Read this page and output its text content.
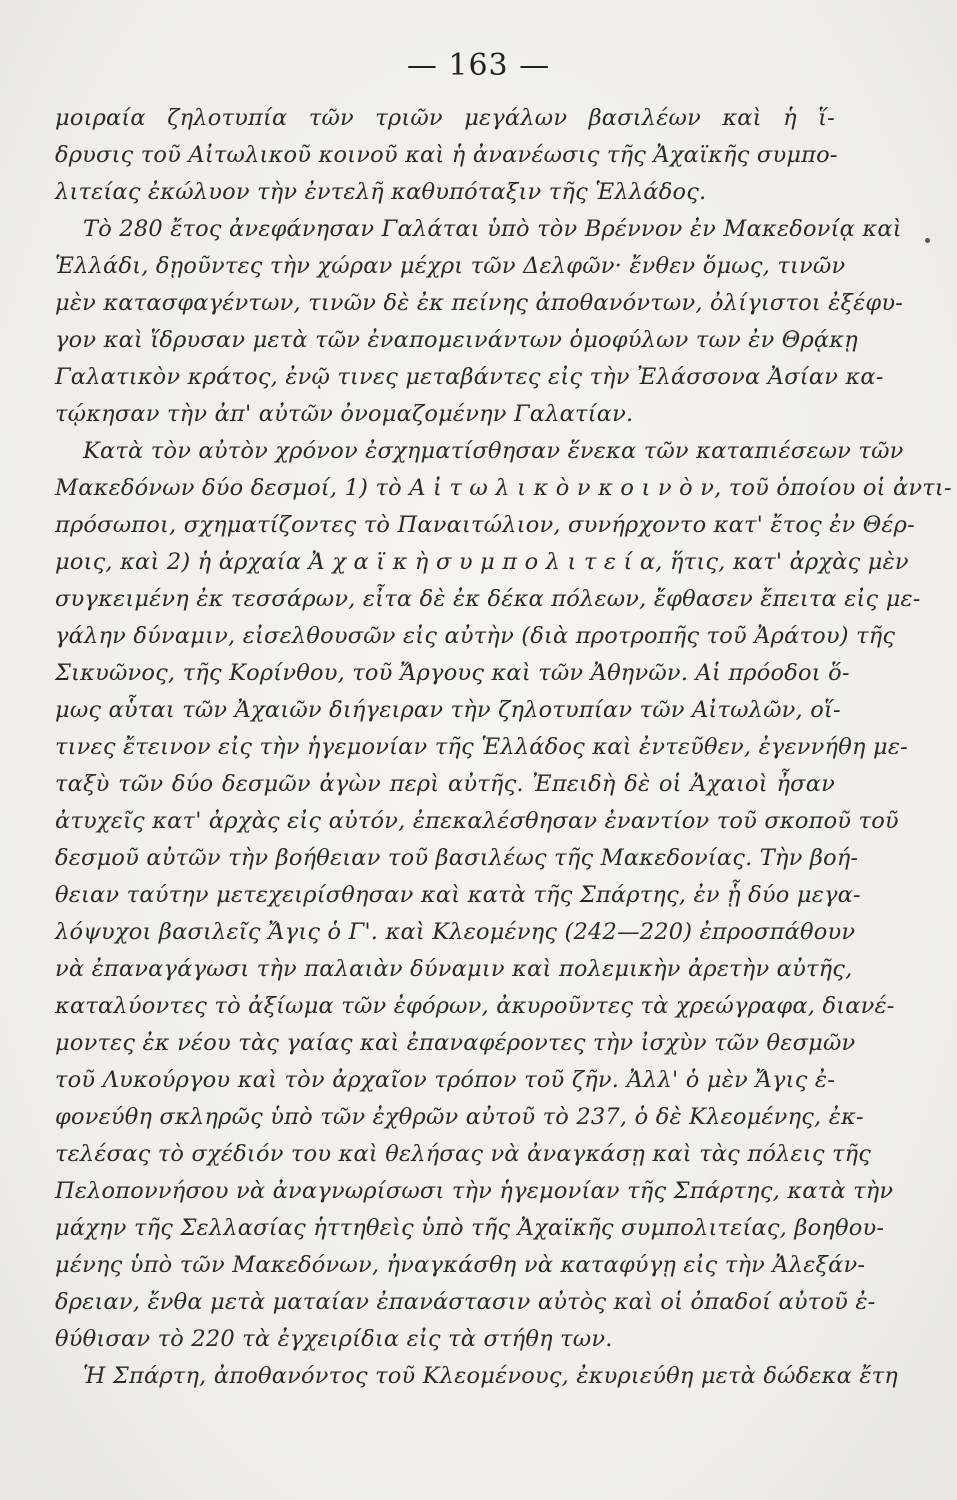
— 163 —
μοιραία ζηλοτυπία τῶν τριῶν μεγάλων βασιλέων καὶ ἡ ἵ-
δρυσις τοῦ Αἰτωλικοῦ κοινοῦ καὶ ἡ ἀνανέωσις τῆς Ἀχαϊκῆς συμπο-
λιτείας ἐκώλυον τὴν ἐντελῆ καθυπόταξιν τῆς Ἑλλάδος.
Τὸ 280 ἔτος ἀνεφάνησαν Γαλάται ὑπὸ τὸν Βρέννον ἐν Μακεδονίᾳ καὶ
Ἑλλάδι, δῃοῦντες τὴν χώραν μέχρι τῶν Δελφῶν· ἔνθεν ὅμως, τινῶν
μὲν κατασφαγέντων, τινῶν δὲ ἐκ πείνης ἀποθανόντων, ὀλίγιστοι ἐξέφυ-
γον καὶ ἵδρυσαν μετὰ τῶν ἐναπομεινάντων ὁμοφύλων των ἐν Θρᾴκῃ
Γαλατικὸν κράτος, ἐνῷ τινες μεταβάντες εἰς τὴν Ἐλάσσονα Ἀσίαν κα-
τῴκησαν τὴν ἀπ' αὐτῶν ὀνομαζομένην Γαλατίαν.
Κατὰ τὸν αὐτὸν χρόνον ἐσχηματίσθησαν ἕνεκα τῶν καταπιέσεων τῶν
Μακεδόνων δύο δεσμοί, 1) τὸ Α ἰ τ ω λ ι κ ὸ ν κ ο ι ν ὸ ν, τοῦ ὁποίου οἱ ἀντι-
πρόσωποι, σχηματίζοντες τὸ Παναιτώλιον, συνήρχοντο κατ' ἔτος ἐν Θέρ-
μοις, καὶ 2) ἡ ἀρχαία Ἀ χ α ϊ κ ὴ σ υ μ π ο λ ι τ ε ί α, ἥτις, κατ' ἀρχὰς μὲν
συγκειμένη ἐκ τεσσάρων, εἶτα δὲ ἐκ δέκα πόλεων, ἔφθασεν ἔπειτα εἰς με-
γάλην δύναμιν, εἰσελθουσῶν εἰς αὐτὴν (διὰ προτροπῆς τοῦ Ἀράτου) τῆς
Σικυῶνος, τῆς Κορίνθου, τοῦ Ἄργους καὶ τῶν Ἀθηνῶν. Αἱ πρόοδοι ὅ-
μως αὗται τῶν Ἀχαιῶν διήγειραν τὴν ζηλοτυπίαν τῶν Αἰτωλῶν, οἵ-
τινες ἔτεινον εἰς τὴν ἡγεμονίαν τῆς Ἑλλάδος καὶ ἐντεῦθεν, ἐγεννήθη με-
ταξὺ τῶν δύο δεσμῶν ἀγὼν περὶ αὐτῆς. Ἐπειδὴ δὲ οἱ Ἀχαιοὶ ἦσαν
ἀτυχεῖς κατ' ἀρχὰς εἰς αὐτόν, ἐπεκαλέσθησαν ἐναντίον τοῦ σκοποῦ τοῦ
δεσμοῦ αὐτῶν τὴν βοήθειαν τοῦ βασιλέως τῆς Μακεδονίας. Τὴν βοή-
θειαν ταύτην μετεχειρίσθησαν καὶ κατὰ τῆς Σπάρτης, ἐν ᾗ δύο μεγα-
λόψυχοι βασιλεῖς Ἄγις ὁ Γ'. καὶ Κλεομένης (242—220) ἐπροσπάθουν
νὰ ἐπαναγάγωσι τὴν παλαιὰν δύναμιν καὶ πολεμικὴν ἀρετὴν αὐτῆς,
καταλύοντες τὸ ἀξίωμα τῶν ἐφόρων, ἀκυροῦντες τὰ χρεώγραφα, διανέ-
μοντες ἐκ νέου τὰς γαίας καὶ ἐπαναφέροντες τὴν ἰσχὺν τῶν θεσμῶν
τοῦ Λυκούργου καὶ τὸν ἀρχαῖον τρόπον τοῦ ζῆν. Ἀλλ' ὁ μὲν Ἄγις ἐ-
φονεύθη σκληρῶς ὑπὸ τῶν ἐχθρῶν αὐτοῦ τὸ 237, ὁ δὲ Κλεομένης, ἐκ-
τελέσας τὸ σχέδιόν του καὶ θελήσας νὰ ἀναγκάσῃ καὶ τὰς πόλεις τῆς
Πελοποννήσου νὰ ἀναγνωρίσωσι τὴν ἡγεμονίαν τῆς Σπάρτης, κατὰ τὴν
μάχην τῆς Σελλασίας ἡττηθεὶς ὑπὸ τῆς Ἀχαϊκῆς συμπολιτείας, βοηθου-
μένης ὑπὸ τῶν Μακεδόνων, ἠναγκάσθη νὰ καταφύγῃ εἰς τὴν Ἀλεξάν-
δρειαν, ἔνθα μετὰ ματαίαν ἐπανάστασιν αὐτὸς καὶ οἱ ὀπαδοί αὐτοῦ ἐ-
θύθισαν τὸ 220 τὰ ἐγχειρίδια εἰς τὰ στήθη των.
Ἡ Σπάρτη, ἀποθανόντος τοῦ Κλεομένους, ἐκυριεύθη μετὰ δώδεκα ἔτη
